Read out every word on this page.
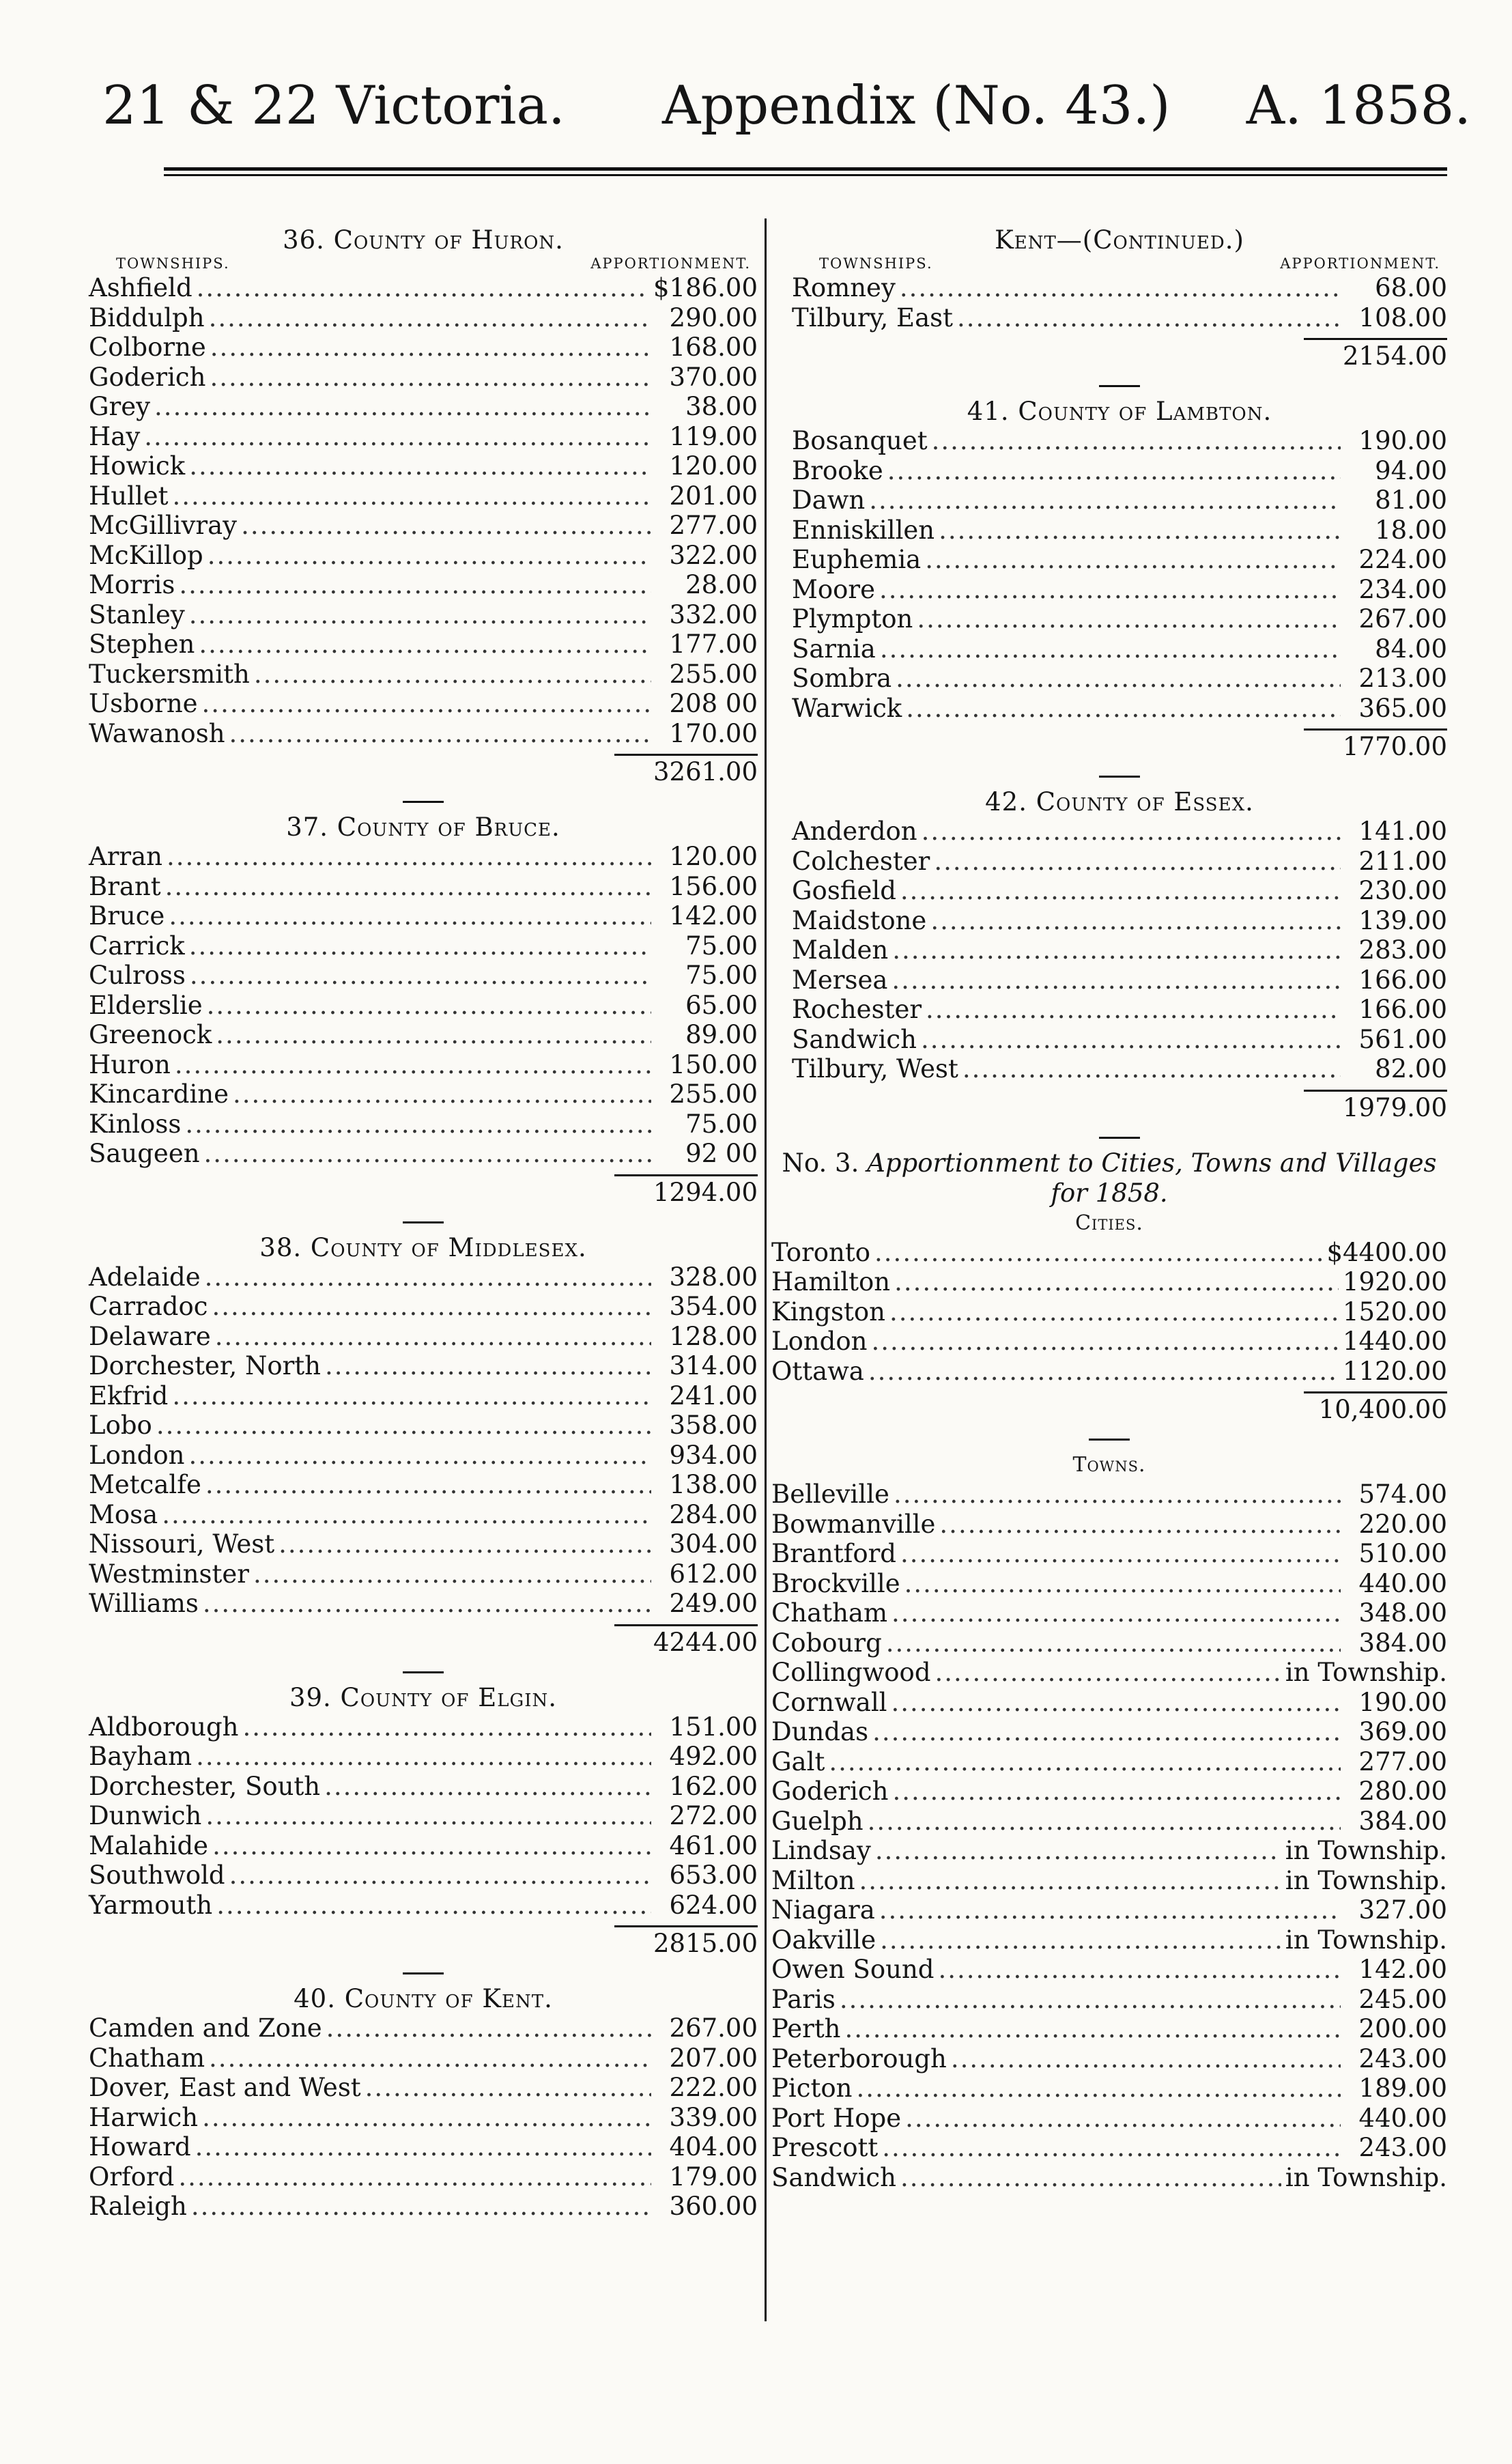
21 & 22 Victoria. Appendix (No. 43.) A. 1858.
36. County of Huron.
TOWNSHIPS.	APPORTIONMENT.
Ashfield .....	$186.00
Biddulph .....	290.00
Colborne .....	168.00
Goderich .....	370.00
Grey .....	38.00
Hay .....	119.00
Howick .....	120.00
Hullet .....	201.00
McGillivray .....	277.00
McKillop .....	322.00
Morris .....	28.00
Stanley .....	332.00
Stephen .....	177.00
Tuckersmith .....	255.00
Usborne .....	208 00
Wawanosh .....	170.00
3261.00
37. County of Bruce.
Arran .....	120.00
Brant .....	156.00
Bruce .....	142.00
Carrick .....	75.00
Culross .....	75.00
Elderslie .....	65.00
Greenock .....	89.00
Huron .....	150.00
Kincardine .....	255.00
Kinloss .....	75.00
Saugeen .....	92 00
1294.00
38. County of Middlesex.
Adelaide .....	328.00
Carradoc .....	354.00
Delaware .....	128.00
Dorchester, North .....	314.00
Ekfrid .....	241.00
Lobo .....	358.00
London .....	934.00
Metcalfe .....	138.00
Mosa .....	284.00
Nissouri, West .....	304.00
Westminster .....	612.00
Williams .....	249.00
4244.00
39. County of Elgin.
Aldborough .....	151.00
Bayham .....	492.00
Dorchester, South .....	162.00
Dunwich .....	272.00
Malahide .....	461.00
Southwold .....	653.00
Yarmouth .....	624.00
2815.00
40. County of Kent.
Camden and Zone .....	267.00
Chatham .....	207.00
Dover, East and West .....	222.00
Harwich .....	339.00
Howard .....	404.00
Orford .....	179.00
Raleigh .....	360.00
Kent—(Continued.)
TOWNSHIPS.	APPORTIONMENT.
Romney .....	68.00
Tilbury, East .....	108.00
2154.00
41. County of Lambton.
Bosanquet .....	190.00
Brooke .....	94.00
Dawn .....	81.00
Enniskillen .....	18.00
Euphemia .....	224.00
Moore .....	234.00
Plympton .....	267.00
Sarnia .....	84.00
Sombra .....	213.00
Warwick .....	365.00
1770.00
42. County of Essex.
Anderdon .....	141.00
Colchester .....	211.00
Gosfield .....	230.00
Maidstone .....	139.00
Malden .....	283.00
Mersea .....	166.00
Rochester .....	166.00
Sandwich .....	561.00
Tilbury, West .....	82.00
1979.00
No. 3. Apportionment to Cities, Towns and Villages
for 1858.
Cities.
Toronto .....	$4400.00
Hamilton .....	1920.00
Kingston .....	1520.00
London .....	1440.00
Ottawa .....	1120.00
10,400.00
Towns.
Belleville .....	574.00
Bowmanville .....	220.00
Brantford .....	510.00
Brockville .....	440.00
Chatham .....	348.00
Cobourg .....	384.00
Collingwood .....	in Township.
Cornwall .....	190.00
Dundas .....	369.00
Galt .....	277.00
Goderich .....	280.00
Guelph .....	384.00
Lindsay .....	in Township.
Milton .....	in Township.
Niagara .....	327.00
Oakville .....	in Township.
Owen Sound .....	142.00
Paris .....	245.00
Perth .....	200.00
Peterborough .....	243.00
Picton .....	189.00
Port Hope .....	440.00
Prescott .....	243.00
Sandwich .....	in Township.
